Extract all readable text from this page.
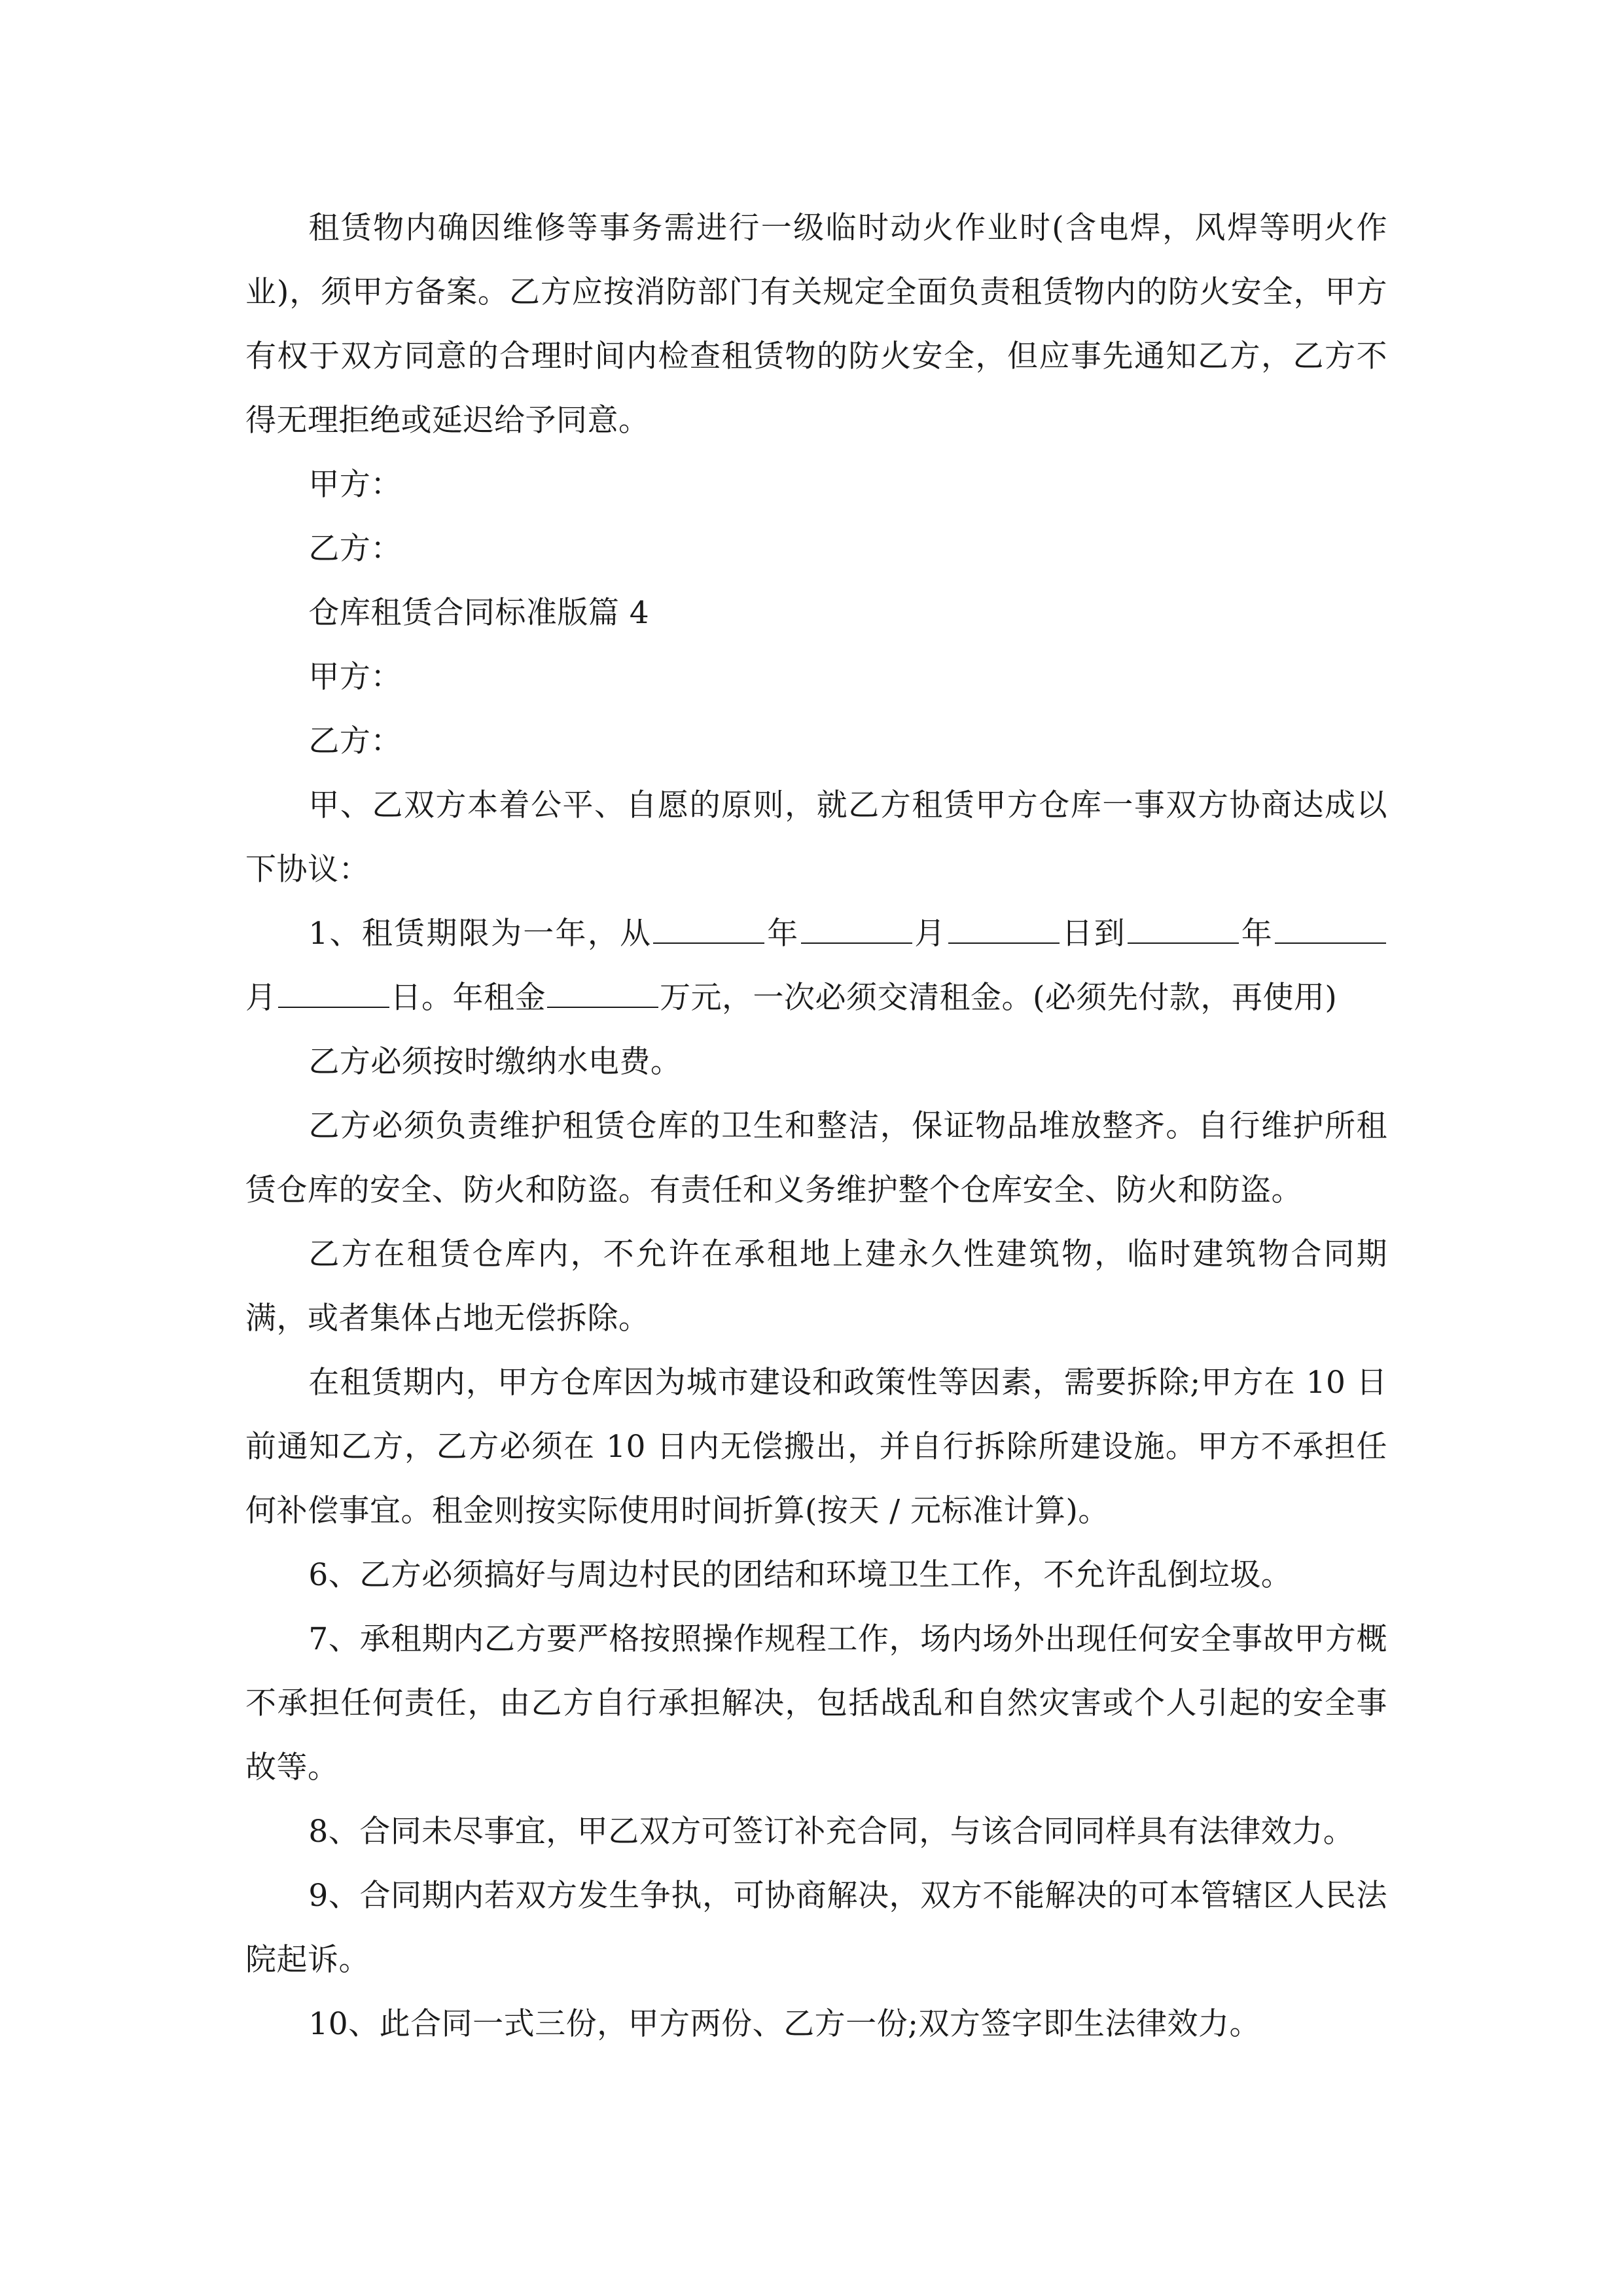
租赁物内确因维修等事务需进行一级临时动火作业时(含电焊，风焊等明火作业)，须甲方备案。乙方应按消防部门有关规定全面负责租赁物内的防火安全，甲方有权于双方同意的合理时间内检查租赁物的防火安全，但应事先通知乙方，乙方不得无理拒绝或延迟给予同意。

甲方：

乙方：

仓库租赁合同标准版篇 4

甲方：

乙方：

甲、乙双方本着公平、自愿的原则，就乙方租赁甲方仓库一事双方协商达成以下协议：

1、租赁期限为一年，从	年	月	日到	年月	日。年租金	万元，一次必须交清租金。(必须先付款，再使用)

乙方必须按时缴纳水电费。

乙方必须负责维护租赁仓库的卫生和整洁，保证物品堆放整齐。自行维护所租赁仓库的安全、防火和防盗。有责任和义务维护整个仓库安全、防火和防盗。

乙方在租赁仓库内，不允许在承租地上建永久性建筑物，临时建筑物合同期满，或者集体占地无偿拆除。

在租赁期内，甲方仓库因为城市建设和政策性等因素，需要拆除;甲方在 10 日前通知乙方，乙方必须在 10 日内无偿搬出，并自行拆除所建设施。甲方不承担任何补偿事宜。租金则按实际使用时间折算(按天 / 元标准计算)。

6、乙方必须搞好与周边村民的团结和环境卫生工作，不允许乱倒垃圾。

7、承租期内乙方要严格按照操作规程工作，场内场外出现任何安全事故甲方概不承担任何责任，由乙方自行承担解决，包括战乱和自然灾害或个人引起的安全事故等。

8、合同未尽事宜，甲乙双方可签订补充合同，与该合同同样具有法律效力。

9、合同期内若双方发生争执，可协商解决，双方不能解决的可本管辖区人民法院起诉。

10、此合同一式三份，甲方两份、乙方一份;双方签字即生法律效力。
